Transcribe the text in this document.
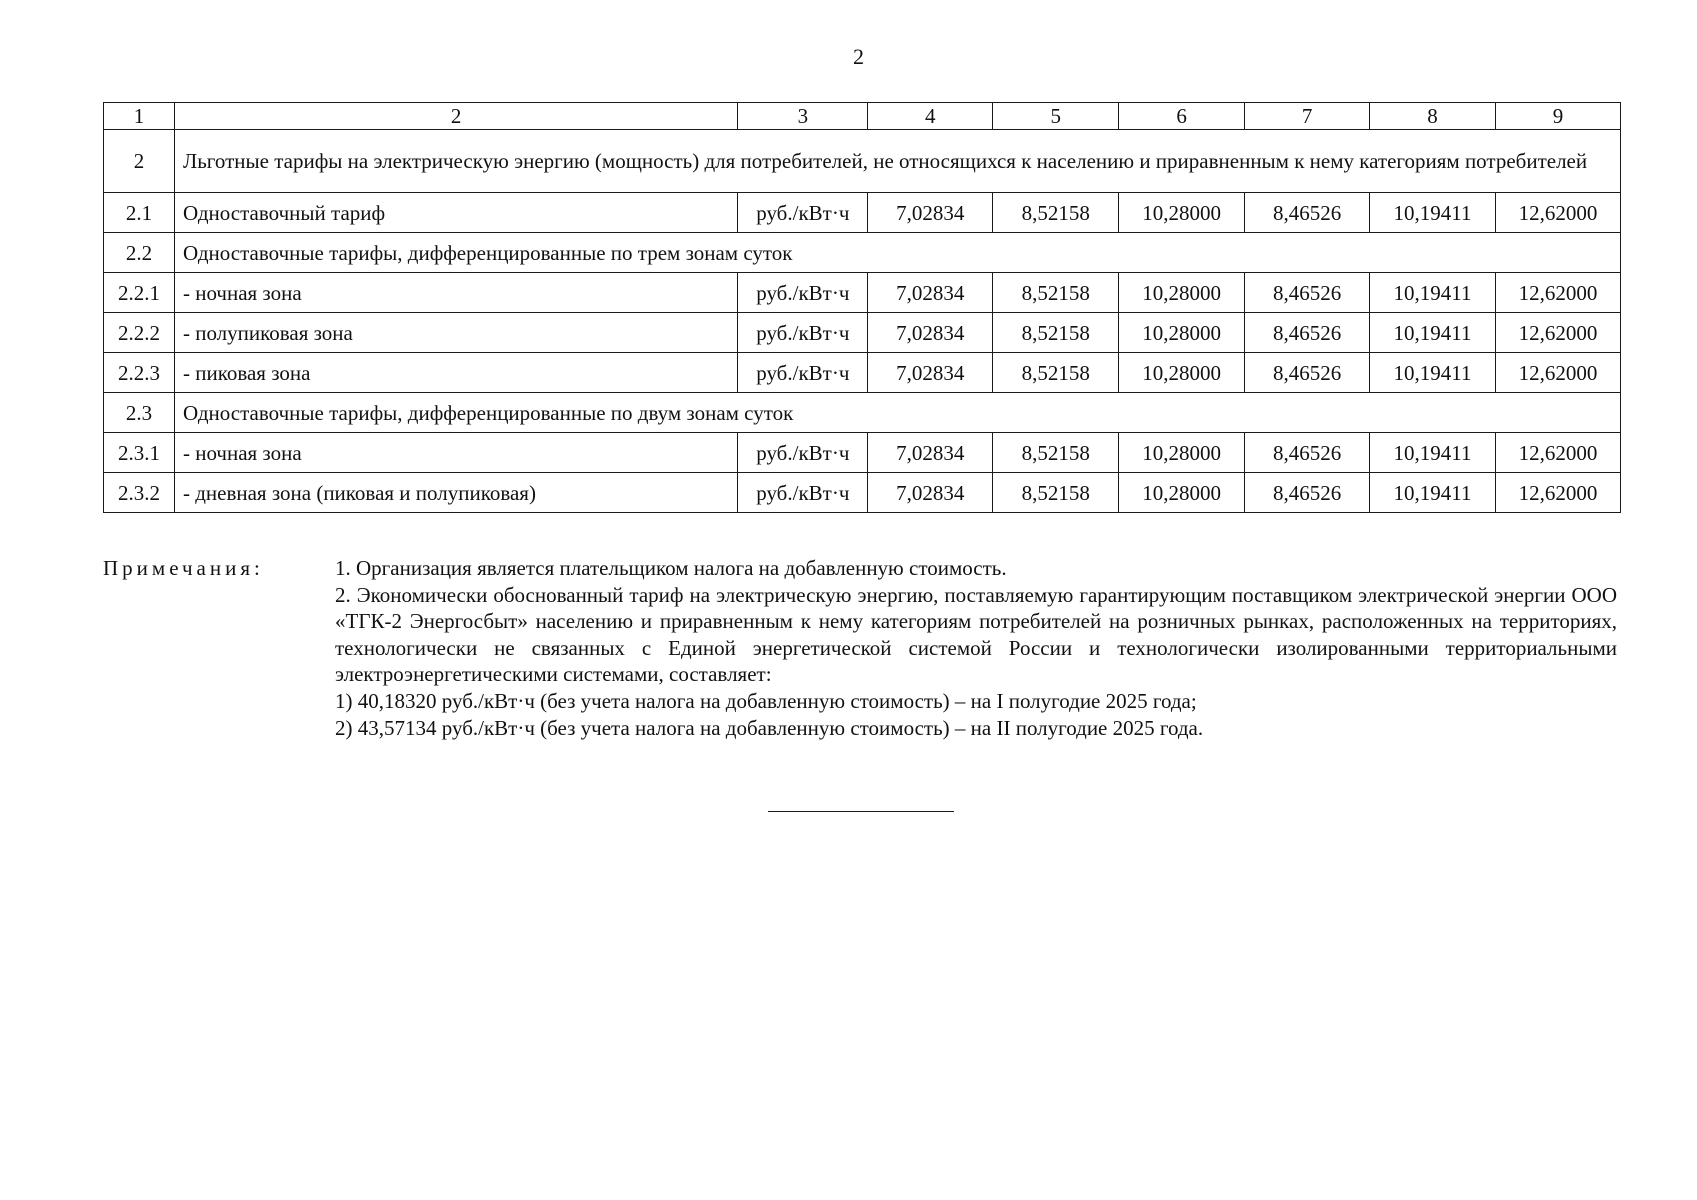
2
1	2	3	4	5	6	7	8	9
2	Льготные тарифы на электрическую энергию (мощность) для потребителей, не относящихся к населению и приравненным к нему категориям потребителей							
2.1	Одноставочный тариф	руб./кВт·ч	7,02834	8,52158	10,28000	8,46526	10,19411	12,62000
2.2	Одноставочные тарифы, дифференцированные по трем зонам суток							
2.2.1	- ночная зона	руб./кВт·ч	7,02834	8,52158	10,28000	8,46526	10,19411	12,62000
2.2.2	- полупиковая зона	руб./кВт·ч	7,02834	8,52158	10,28000	8,46526	10,19411	12,62000
2.2.3	- пиковая зона	руб./кВт·ч	7,02834	8,52158	10,28000	8,46526	10,19411	12,62000
2.3	Одноставочные тарифы, дифференцированные по двум зонам суток							
2.3.1	- ночная зона	руб./кВт·ч	7,02834	8,52158	10,28000	8,46526	10,19411	12,62000
2.3.2	- дневная зона (пиковая и полупиковая)	руб./кВт·ч	7,02834	8,52158	10,28000	8,46526	10,19411	12,62000
Примечания:	1. Организация является плательщиком налога на добавленную стоимость.

2. Экономически обоснованный тариф на электрическую энергию, поставляемую гарантирующим поставщиком электрической энергии ООО «ТГК-2 Энергосбыт» населению и приравненным к нему категориям потребителей на розничных рынках, расположенных на территориях, технологически не связанных с Единой энергетической системой России и технологически изолированными территориальными электроэнергетическими системами, составляет:

1) 40,18320 руб./кВт·ч (без учета налога на добавленную стоимость) – на I полугодие 2025 года;

2) 43,57134 руб./кВт·ч (без учета налога на добавленную стоимость) – на II полугодие 2025 года.
